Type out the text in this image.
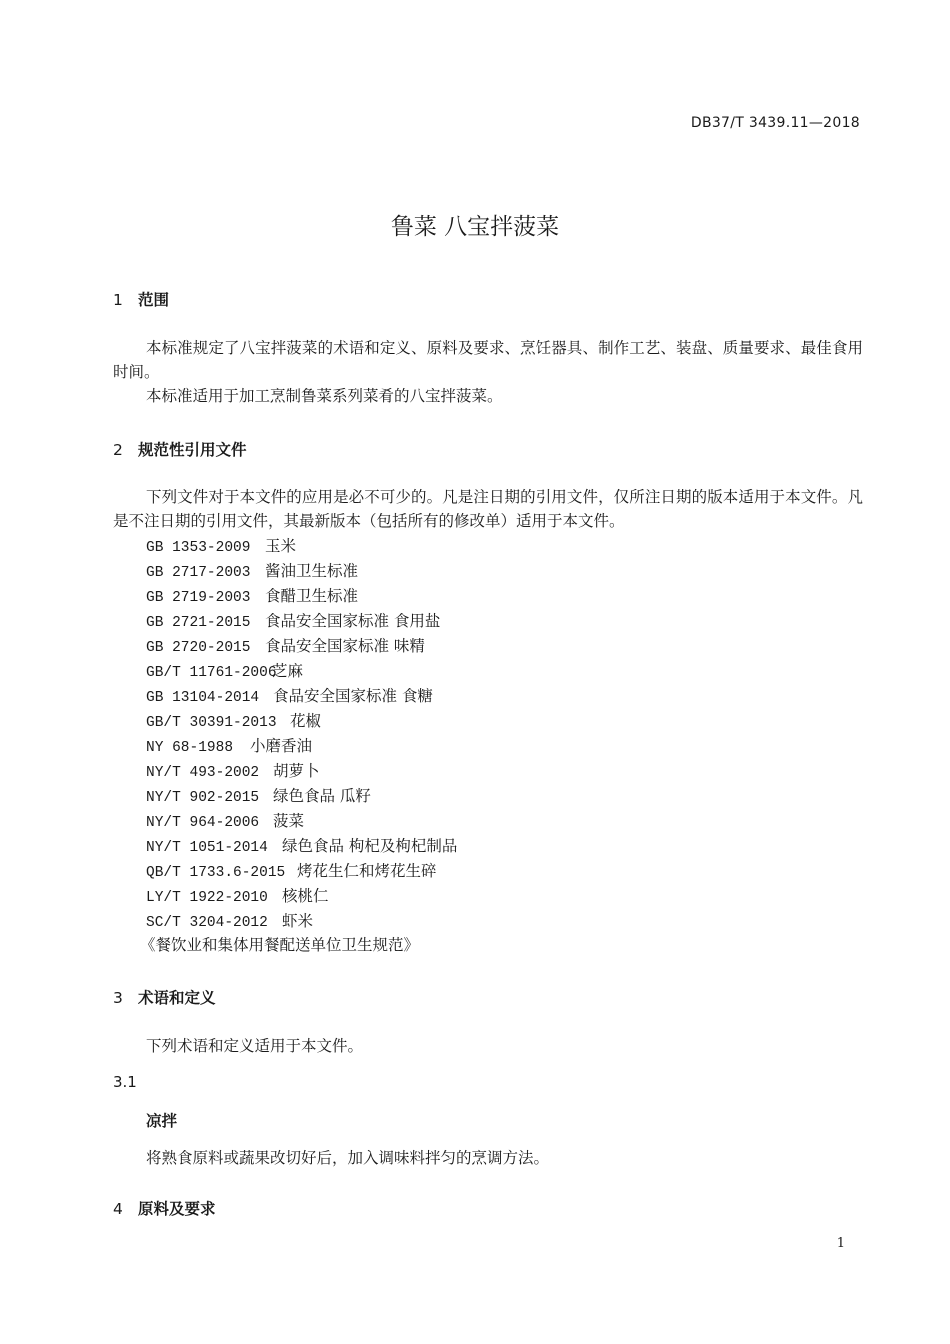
DB37/T 3439.11—2018
鲁菜 八宝拌菠菜
1 范围
本标准规定了八宝拌菠菜的术语和定义、原料及要求、烹饪器具、制作工艺、装盘、质量要求、最佳食用时间。
本标准适用于加工烹制鲁菜系列菜肴的八宝拌菠菜。
2 规范性引用文件
下列文件对于本文件的应用是必不可少的。凡是注日期的引用文件，仅所注日期的版本适用于本文件。凡是不注日期的引用文件，其最新版本（包括所有的修改单）适用于本文件。
GB 1353-2009 玉米
GB 2717-2003 酱油卫生标准
GB 2719-2003 食醋卫生标准
GB 2721-2015 食品安全国家标准 食用盐
GB 2720-2015 食品安全国家标准 味精
GB/T 11761-2006芝麻
GB 13104-2014 食品安全国家标准 食糖
GB/T 30391-2013 花椒
NY 68-1988 小磨香油
NY/T 493-2002 胡萝卜
NY/T 902-2015 绿色食品 瓜籽
NY/T 964-2006 菠菜
NY/T 1051-2014 绿色食品 枸杞及枸杞制品
QB/T 1733.6-2015 烤花生仁和烤花生碎
LY/T 1922-2010 核桃仁
SC/T 3204-2012 虾米
《餐饮业和集体用餐配送单位卫生规范》
3 术语和定义
下列术语和定义适用于本文件。
3.1
凉拌
将熟食原料或蔬果改切好后，加入调味料拌匀的烹调方法。
4 原料及要求
1
